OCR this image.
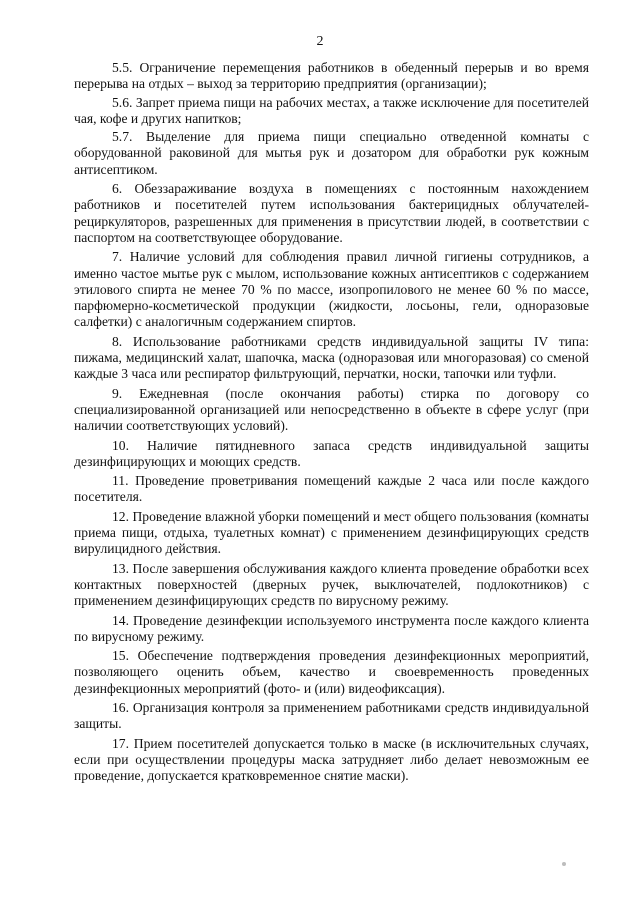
2

5.5. Ограничение перемещения работников в обеденный перерыв и во время перерыва на отдых – выход за территорию предприятия (организации);

5.6. Запрет приема пищи на рабочих местах, а также исключение для посетителей чая, кофе и других напитков;

5.7. Выделение для приема пищи специально отведенной комнаты с оборудованной раковиной для мытья рук и дозатором для обработки рук кожным антисептиком.

6. Обеззараживание воздуха в помещениях с постоянным нахождением работников и посетителей путем использования бактерицидных облучателей-рециркуляторов, разрешенных для применения в присутствии людей, в соответствии с паспортом на соответствующее оборудование.

7. Наличие условий для соблюдения правил личной гигиены сотрудников, а именно частое мытье рук с мылом, использование кожных антисептиков с содержанием этилового спирта не менее 70 % по массе, изопропилового не менее 60 % по массе, парфюмерно-косметической продукции (жидкости, лосьоны, гели, одноразовые салфетки) с аналогичным содержанием спиртов.

8. Использование работниками средств индивидуальной защиты IV типа: пижама, медицинский халат, шапочка, маска (одноразовая или многоразовая) со сменой каждые 3 часа или респиратор фильтрующий, перчатки, носки, тапочки или туфли.

9. Ежедневная (после окончания работы) стирка по договору со специализированной организацией или непосредственно в объекте в сфере услуг (при наличии соответствующих условий).

10. Наличие пятидневного запаса средств индивидуальной защиты дезинфицирующих и моющих средств.

11. Проведение проветривания помещений каждые 2 часа или после каждого посетителя.

12. Проведение влажной уборки помещений и мест общего пользования (комнаты приема пищи, отдыха, туалетных комнат) с применением дезинфицирующих средств вирулицидного действия.

13. После завершения обслуживания каждого клиента проведение обработки всех контактных поверхностей (дверных ручек, выключателей, подлокотников) с применением дезинфицирующих средств по вирусному режиму.

14. Проведение дезинфекции используемого инструмента после каждого клиента по вирусному режиму.

15. Обеспечение подтверждения проведения дезинфекционных мероприятий, позволяющего оценить объем, качество и своевременность проведенных дезинфекционных мероприятий (фото- и (или) видеофиксация).

16. Организация контроля за применением работниками средств индивидуальной защиты.

17. Прием посетителей допускается только в маске (в исключительных случаях, если при осуществлении процедуры маска затрудняет либо делает невозможным ее проведение, допускается кратковременное снятие маски).
